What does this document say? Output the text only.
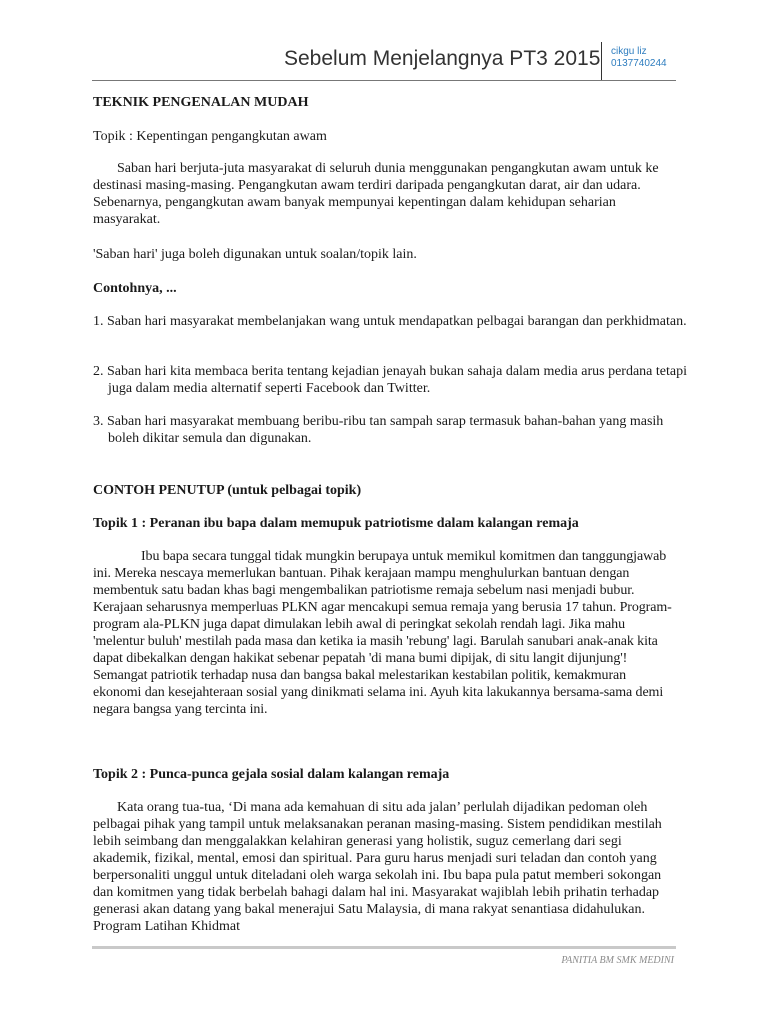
Sebelum Menjelangnya PT3 2015 cikgu liz
0137740244
TEKNIK PENGENALAN MUDAH
Topik : Kepentingan pengangkutan awam
Saban hari berjuta-juta masyarakat di seluruh dunia menggunakan pengangkutan awam untuk ke destinasi masing-masing. Pengangkutan awam terdiri daripada pengangkutan darat, air dan udara. Sebenarnya, pengangkutan awam banyak mempunyai kepentingan dalam kehidupan seharian masyarakat.
'Saban hari' juga boleh digunakan untuk soalan/topik lain.
Contohnya, ...
1. Saban hari masyarakat membelanjakan wang untuk mendapatkan pelbagai barangan dan perkhidmatan.
2. Saban hari kita membaca berita tentang kejadian jenayah bukan sahaja dalam media arus perdana tetapi juga dalam media alternatif seperti Facebook dan Twitter.
3. Saban hari masyarakat membuang beribu-ribu tan sampah sarap termasuk bahan-bahan yang masih boleh dikitar semula dan digunakan.
CONTOH PENUTUP (untuk pelbagai topik)
Topik 1 : Peranan ibu bapa dalam memupuk patriotisme dalam kalangan remaja
Ibu bapa secara tunggal tidak mungkin berupaya untuk memikul komitmen dan tanggungjawab ini. Mereka nescaya memerlukan bantuan. Pihak kerajaan mampu menghulurkan bantuan dengan membentuk satu badan khas bagi mengembalikan patriotisme remaja sebelum nasi menjadi bubur. Kerajaan seharusnya memperluas PLKN agar mencakupi semua remaja yang berusia 17 tahun. Program-program ala-PLKN juga dapat dimulakan lebih awal di peringkat sekolah rendah lagi. Jika mahu 'melentur buluh' mestilah pada masa dan ketika ia masih 'rebung' lagi. Barulah sanubari anak-anak kita dapat dibekalkan dengan hakikat sebenar pepatah 'di mana bumi dipijak, di situ langit dijunjung'! Semangat patriotik terhadap nusa dan bangsa bakal melestarikan kestabilan politik, kemakmuran ekonomi dan kesejahteraan sosial yang dinikmati selama ini. Ayuh kita lakukannya bersama-sama demi negara bangsa yang tercinta ini.
Topik 2 : Punca-punca gejala sosial dalam kalangan remaja
Kata orang tua-tua, ‘Di mana ada kemahuan di situ ada jalan’ perlulah dijadikan pedoman oleh pelbagai pihak yang tampil untuk melaksanakan peranan masing-masing. Sistem pendidikan mestilah lebih seimbang dan menggalakkan kelahiran generasi yang holistik, suguz cemerlang dari segi akademik, fizikal, mental, emosi dan spiritual. Para guru harus menjadi suri teladan dan contoh yang berpersonaliti unggul untuk diteladani oleh warga sekolah ini. Ibu bapa pula patut memberi sokongan dan komitmen yang tidak berbelah bahagi dalam hal ini. Masyarakat wajiblah lebih prihatin terhadap generasi akan datang yang bakal menerajui Satu Malaysia, di mana rakyat senantiasa didahulukan. Program Latihan Khidmat
PANITIA BM SMK MEDINI
